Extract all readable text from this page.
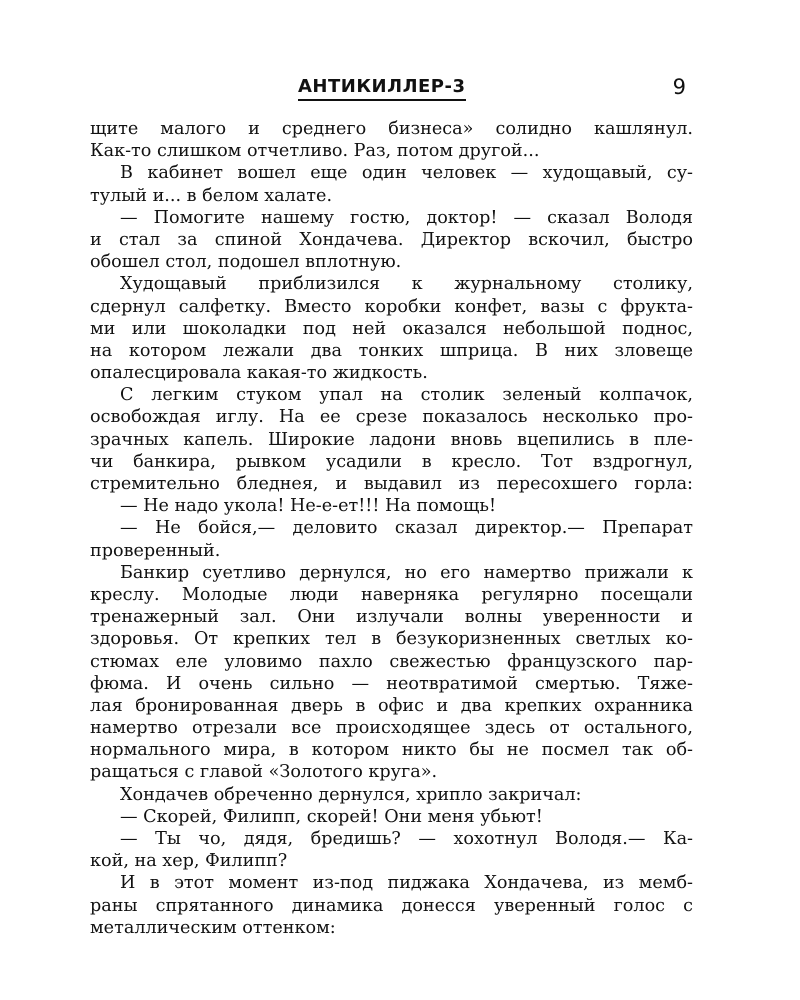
АНТИКИЛЛЕР-3	9
щите малого и среднего бизнеса» солидно кашлянул.
Как-то слишком отчетливо. Раз, потом другой...
В кабинет вошел еще один человек — худощавый, су-
тулый и... в белом халате.
— Помогите нашему гостю, доктор! — сказал Володя
и стал за спиной Хондачева. Директор вскочил, быстро
обошел стол, подошел вплотную.
Худощавый приблизился к журнальному столику,
сдернул салфетку. Вместо коробки конфет, вазы с фрукта-
ми или шоколадки под ней оказался небольшой поднос,
на котором лежали два тонких шприца. В них зловеще
опалесцировала какая-то жидкость.
С легким стуком упал на столик зеленый колпачок,
освобождая иглу. На ее срезе показалось несколько про-
зрачных капель. Широкие ладони вновь вцепились в пле-
чи банкира, рывком усадили в кресло. Тот вздрогнул,
стремительно бледнея, и выдавил из пересохшего горла:
— Не надо укола! Не-е-ет!!! На помощь!
— Не бойся,— деловито сказал директор.— Препарат
проверенный.
Банкир суетливо дернулся, но его намертво прижали к
креслу. Молодые люди наверняка регулярно посещали
тренажерный зал. Они излучали волны уверенности и
здоровья. От крепких тел в безукоризненных светлых ко-
стюмах еле уловимо пахло свежестью французского пар-
фюма. И очень сильно — неотвратимой смертью. Тяже-
лая бронированная дверь в офис и два крепких охранника
намертво отрезали все происходящее здесь от остального,
нормального мира, в котором никто бы не посмел так об-
ращаться с главой «Золотого круга».
Хондачев обреченно дернулся, хрипло закричал:
— Скорей, Филипп, скорей! Они меня убьют!
— Ты чо, дядя, бредишь? — хохотнул Володя.— Ка-
кой, на хер, Филипп?
И в этот момент из-под пиджака Хондачева, из мемб-
раны спрятанного динамика донесся уверенный голос с
металлическим оттенком:
